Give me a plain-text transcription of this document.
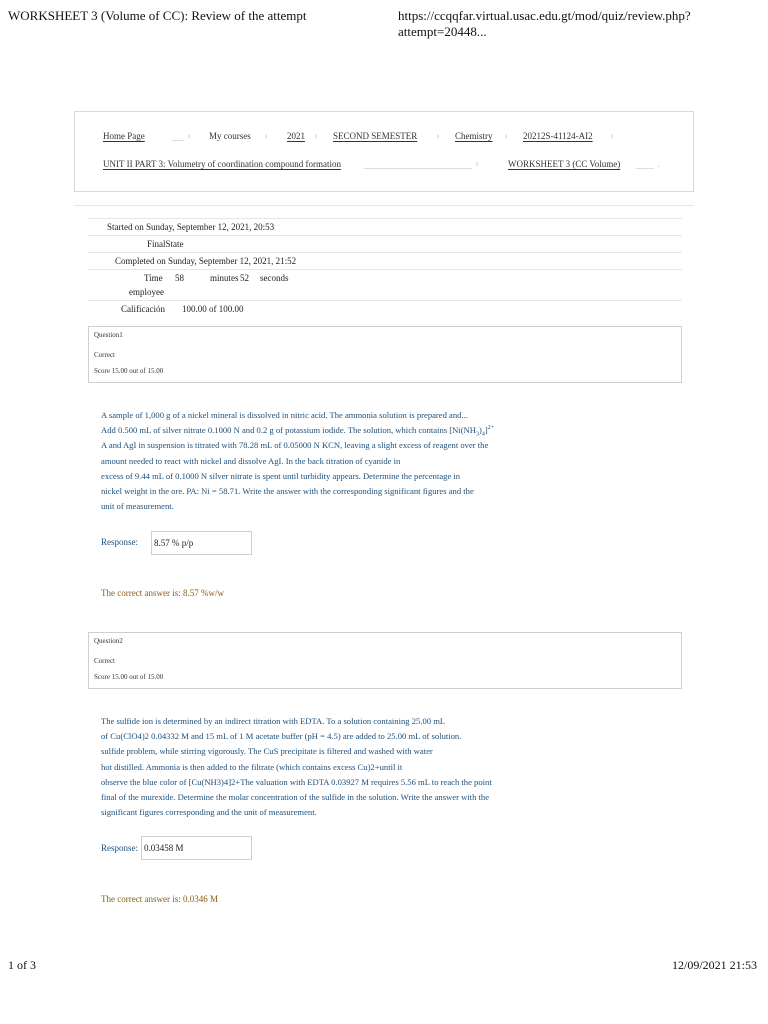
WORKSHEET 3 (Volume of CC): Review of the attempt	https://ccqqfar.virtual.usac.edu.gt/mod/quiz/review.php?attempt=20448...
Home Page __ › My courses › 2021 › SECOND SEMESTER › Chemistry › 20212S-41124-AI2 ›
UNIT II PART 3: Volumetry of coordination compound formation __________________ ›	WORKSHEET 3 (CC Volume) ___ .
Started on Sunday, September 12, 2021, 20:53
FinalState
Completed on Sunday, September 12, 2021, 21:52
Time 58	minutes 52 seconds
employee
Calificación 100.00 of 100.00
Question1
Correct
Score 15.00 out of 15.00

A sample of 1,000 g of a nickel mineral is dissolved in nitric acid. The ammonia solution is prepared and...

Add 0.500 mL of silver nitrate 0.1000 N and 0.2 g of potassium iodide. The solution, which contains $[Ni(NH_3)_4]^{2+}$

A and AgI in suspension is titrated with 78.28 mL of 0.05000 N KCN, leaving a slight excess of reagent over the

amount needed to react with nickel and dissolve AgI. In the back titration of cyanide in

excess of 9.44 mL of 0.1000 N silver nitrate is spent until turbidity appears. Determine the percentage in

nickel weight in the ore. PA: Ni = 58.71. Write the answer with the corresponding significant figures and the

unit of measurement.

Response:	8.57 % p/p
The correct answer is: 8.57 %w/w
Question2
Correct
Score 15.00 out of 15.00

The sulfide ion is determined by an indirect titration with EDTA. To a solution containing 25.00 mL

of Cu(ClO4)2 0.04332 M and 15 mL of 1 M acetate buffer (pH = 4.5) are added to 25.00 mL of solution.

sulfide problem, while stirring vigorously. The CuS precipitate is filtered and washed with water

hot distilled. Ammonia is then added to the filtrate (which contains excess Cu)2+until it

observe the blue color of [Cu(NH3)4]2+The valuation with EDTA 0.03927 M requires 5.56 mL to reach the point

final of the murexide. Determine the molar concentration of the sulfide in the solution. Write the answer with the

significant figures corresponding and the unit of measurement.

Response: 0.03458 M
The correct answer is: 0.0346 M
1 of 3	12/09/2021 21:53
